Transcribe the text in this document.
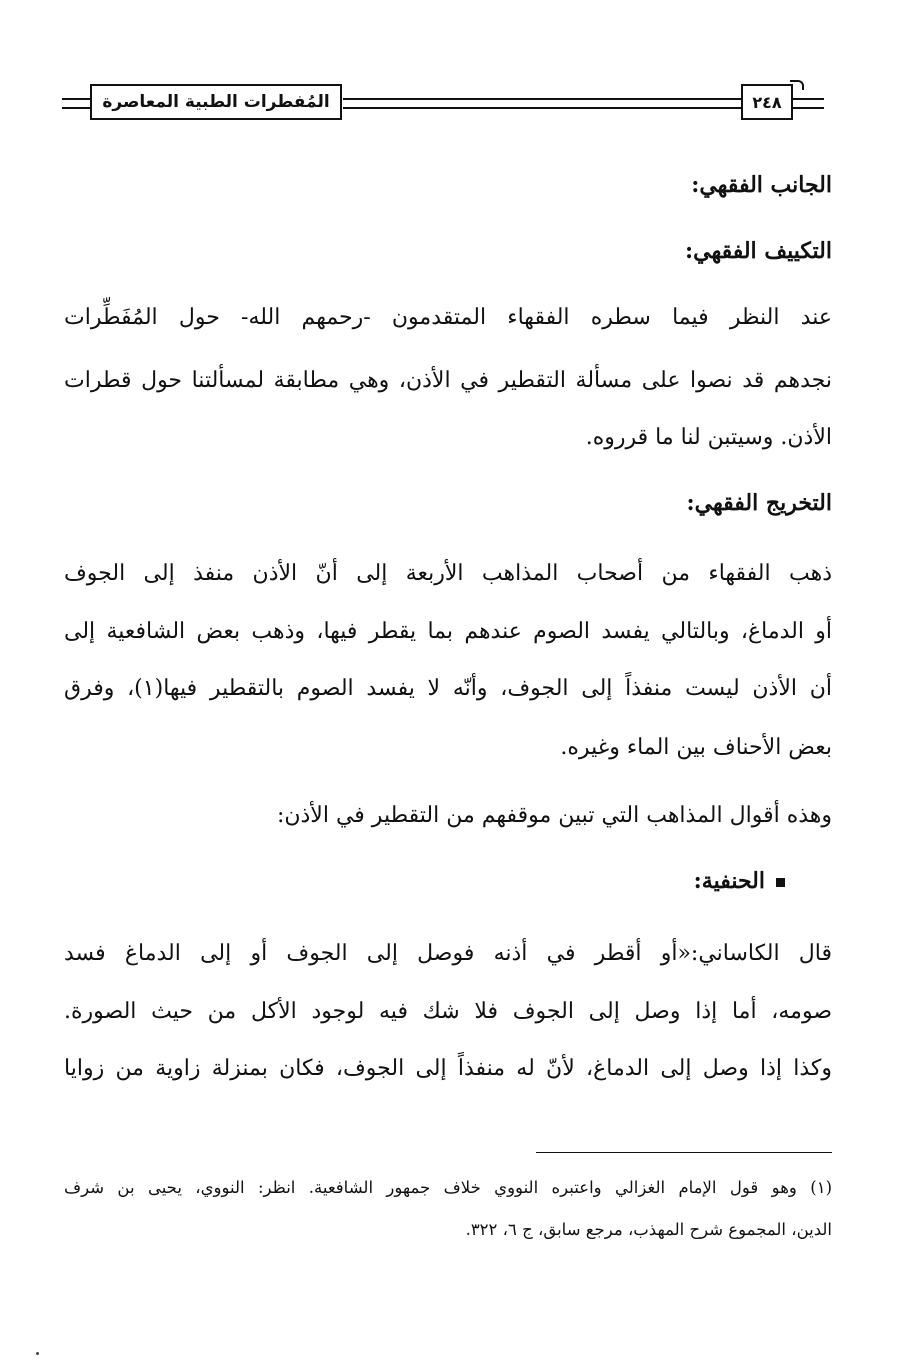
المُفطرات الطبية المعاصرة	٢٤٨
الجانب الفقهي:
التكييف الفقهي:
عند النظر فيما سطره الفقهاء المتقدمون -رحمهم الله- حول المُفَطِّرات
نجدهم قد نصوا على مسألة التقطير في الأذن، وهي مطابقة لمسألتنا حول قطرات
الأذن. وسيتبن لنا ما قرروه.
التخريج الفقهي:
ذهب الفقهاء من أصحاب المذاهب الأربعة إلى أنّ الأذن منفذ إلى الجوف
أو الدماغ، وبالتالي يفسد الصوم عندهم بما يقطر فيها، وذهب بعض الشافعية إلى
أن الأذن ليست منفذاً إلى الجوف، وأنّه لا يفسد الصوم بالتقطير فيها(١)، وفرق
بعض الأحناف بين الماء وغيره.
وهذه أقوال المذاهب التي تبين موقفهم من التقطير في الأذن:
الحنفية:
قال الكاساني:«أو أقطر في أذنه فوصل إلى الجوف أو إلى الدماغ فسد
صومه، أما إذا وصل إلى الجوف فلا شك فيه لوجود الأكل من حيث الصورة.
وكذا إذا وصل إلى الدماغ، لأنّ له منفذاً إلى الجوف، فكان بمنزلة زاوية من زوايا
(١) وهو قول الإمام الغزالي واعتبره النووي خلاف جمهور الشافعية. انظر: النووي، يحيى بن شرف
الدين، المجموع شرح المهذب، مرجع سابق، ج ٦، ٣٢٢.
